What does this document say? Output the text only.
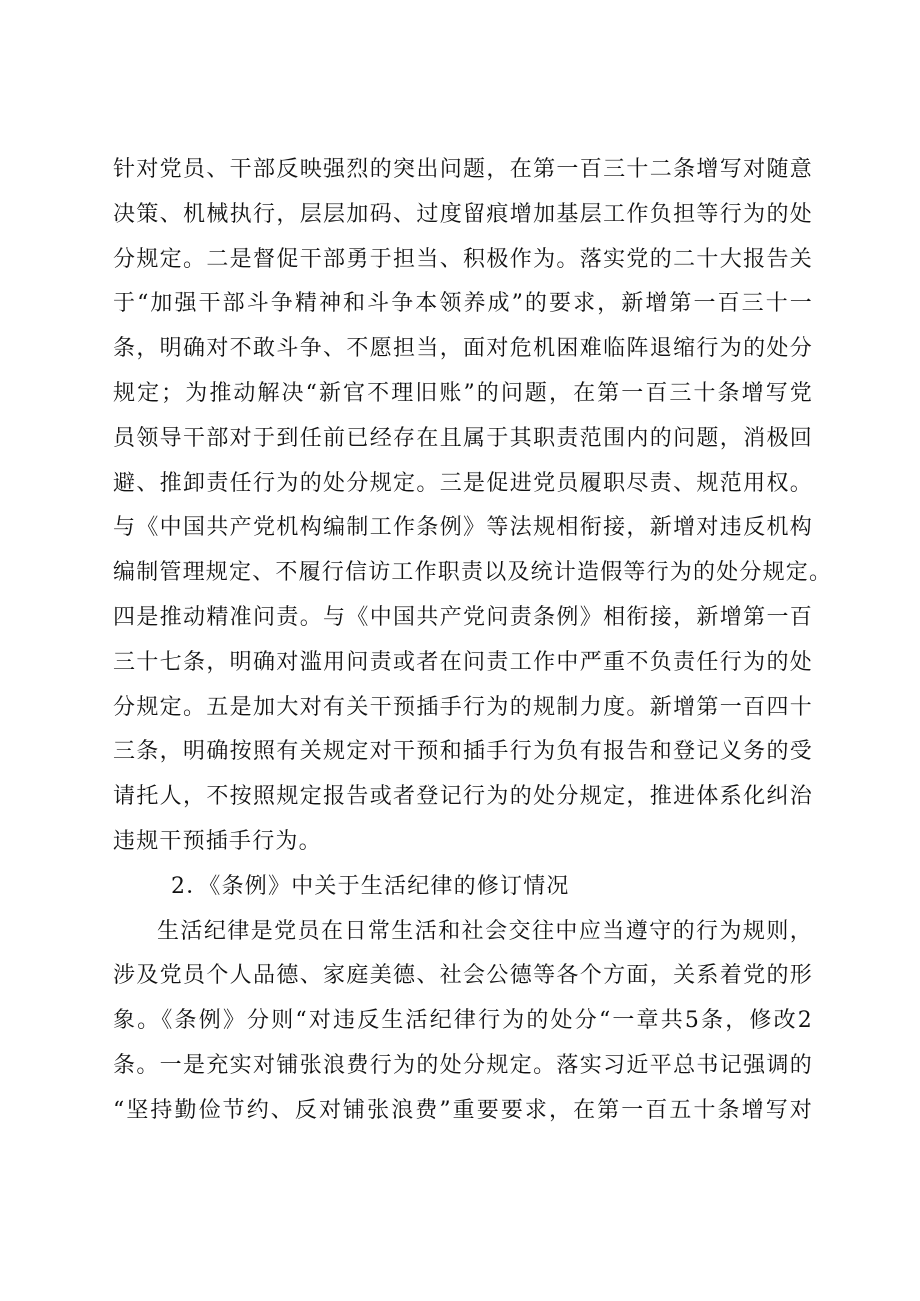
针对党员、干部反映强烈的突出问题，在第一百三十二条增写对随意
决策、机械执行，层层加码、过度留痕增加基层工作负担等行为的处
分规定。二是督促干部勇于担当、积极作为。落实党的二十大报告关
于“加强干部斗争精神和斗争本领养成”的要求，新增第一百三十一
条，明确对不敢斗争、不愿担当，面对危机困难临阵退缩行为的处分
规定；为推动解决“新官不理旧账”的问题，在第一百三十条增写党
员领导干部对于到任前已经存在且属于其职责范围内的问题，消极回
避、推卸责任行为的处分规定。三是促进党员履职尽责、规范用权。
与《中国共产党机构编制工作条例》等法规相衔接，新增对违反机构
编制管理规定、不履行信访工作职责以及统计造假等行为的处分规定。
四是推动精准问责。与《中国共产党问责条例》相衔接，新增第一百
三十七条，明确对滥用问责或者在问责工作中严重不负责任行为的处
分规定。五是加大对有关干预插手行为的规制力度。新增第一百四十
三条，明确按照有关规定对干预和插手行为负有报告和登记义务的受
请托人，不按照规定报告或者登记行为的处分规定，推进体系化纠治
违规干预插手行为。
2．《条例》中关于生活纪律的修订情况
生活纪律是党员在日常生活和社会交往中应当遵守的行为规则，
涉及党员个人品德、家庭美德、社会公德等各个方面，关系着党的形
象。《条例》分则“对违反生活纪律行为的处分“一章共5条，修改2
条。一是充实对铺张浪费行为的处分规定。落实习近平总书记强调的
“坚持勤俭节约、反对铺张浪费”重要要求，在第一百五十条增写对
